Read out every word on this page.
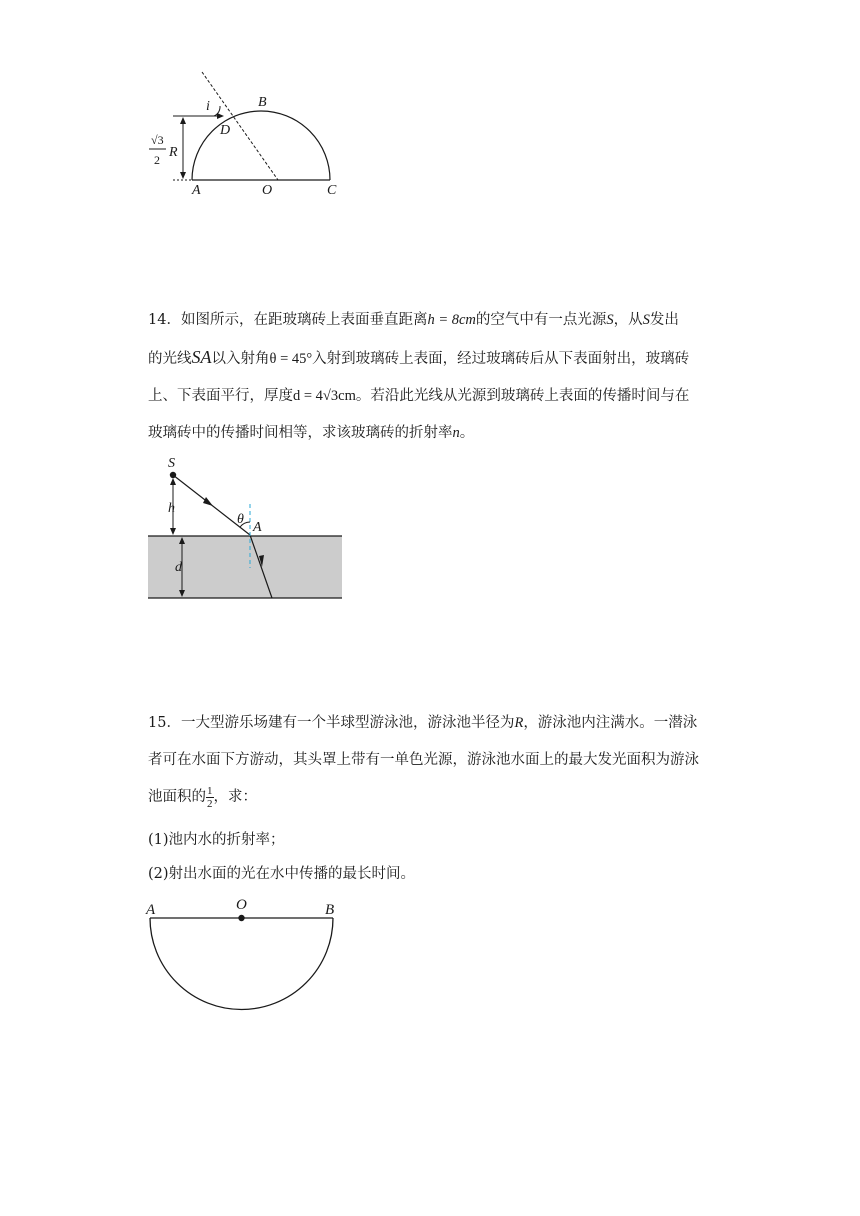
i	B
D
A	O	C
√3
2 R
14．如图所示，在距玻璃砖上表面垂直距离h = 8cm的空气中有一点光源S，从S发出
的光线SA以入射角θ = 45°入射到玻璃砖上表面，经过玻璃砖后从下表面射出，玻璃砖
上、下表面平行，厚度d = 4√3cm。若沿此光线从光源到玻璃砖上表面的传播时间与在
玻璃砖中的传播时间相等，求该玻璃砖的折射率n。
S
h
θ
A
d
15．一大型游乐场建有一个半球型游泳池，游泳池半径为R，游泳池内注满水。一潜泳
者可在水面下方游动，其头罩上带有一单色光源，游泳池水面上的最大发光面积为游泳
池面积的 $\frac{1}{2}$ ，求：
(1)池内水的折射率；
(2)射出水面的光在水中传播的最长时间。
A	O	B
